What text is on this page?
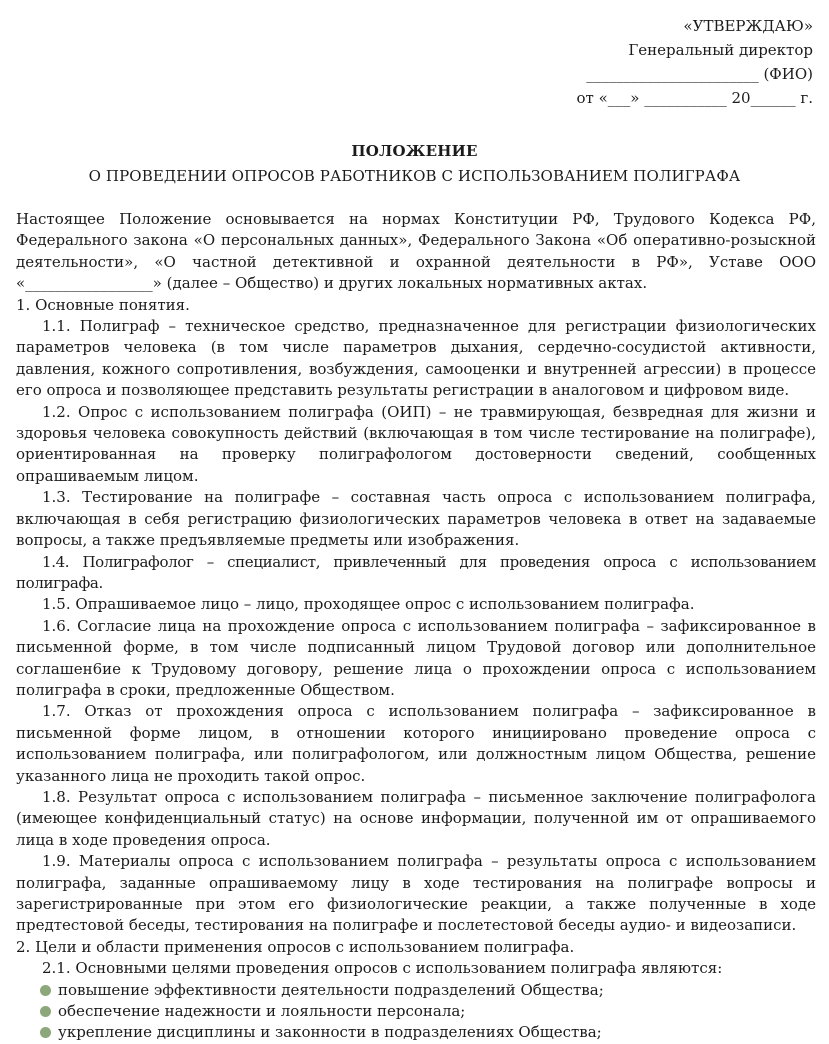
«УТВЕРЖДАЮ»
Генеральный директор
_______________________ (ФИО)
от «___» ___________ 20______ г.
ПОЛОЖЕНИЕ
О ПРОВЕДЕНИИ ОПРОСОВ РАБОТНИКОВ С ИСПОЛЬЗОВАНИЕМ ПОЛИГРАФА

Настоящее Положение основывается на нормах Конституции РФ, Трудового Кодекса РФ, Федерального закона «О персональных данных», Федерального Закона «Об оперативно-розыскной деятельности», «О частной детективной и охранной деятельности в РФ», Уставе ООО «_________________» (далее – Общество) и других локальных нормативных актах.

1. Основные понятия.

1.1. Полиграф – техническое средство, предназначенное для регистрации физиологических параметров человека (в том числе параметров дыхания, сердечно-сосудистой активности, давления, кожного сопротивления, возбуждения, самооценки и внутренней агрессии) в процессе его опроса и позволяющее представить результаты регистрации в аналоговом и цифровом виде.

1.2. Опрос с использованием полиграфа (ОИП) – не травмирующая, безвредная для жизни и здоровья человека совокупность действий (включающая в том числе тестирование на полиграфе), ориентированная на проверку полиграфологом достоверности сведений, сообщенных опрашиваемым лицом.

1.3. Тестирование на полиграфе – составная часть опроса с использованием полиграфа, включающая в себя регистрацию физиологических параметров человека в ответ на задаваемые вопросы, а также предъявляемые предметы или изображения.

1.4. Полиграфолог – специалист, привлеченный для проведения опроса с использованием полиграфа.

1.5. Опрашиваемое лицо – лицо, проходящее опрос с использованием полиграфа.

1.6. Согласие лица на прохождение опроса с использованием полиграфа – зафиксированное в письменной форме, в том числе подписанный лицом Трудовой договор или дополнительное соглашен6ие к Трудовому договору, решение лица о прохождении опроса с использованием полиграфа в сроки, предложенные Обществом.

1.7. Отказ от прохождения опроса с использованием полиграфа – зафиксированное в письменной форме лицом, в отношении которого инициировано проведение опроса с использованием полиграфа, или полиграфологом, или должностным лицом Общества, решение указанного лица не проходить такой опрос.

1.8. Результат опроса с использованием полиграфа – письменное заключение полиграфолога (имеющее конфиденциальный статус) на основе информации, полученной им от опрашиваемого лица в ходе проведения опроса.

1.9. Материалы опроса с использованием полиграфа – результаты опроса с использованием полиграфа, заданные опрашиваемому лицу в ходе тестирования на полиграфе вопросы и зарегистрированные при этом его физиологические реакции, а также полученные в ходе предтестовой беседы, тестирования на полиграфе и послетестовой беседы аудио- и видеозаписи.

2. Цели и области применения опросов с использованием полиграфа.

2.1. Основными целями проведения опросов с использованием полиграфа являются:

повышение эффективности деятельности подразделений Общества;
обеспечение надежности и лояльности персонала;
укрепление дисциплины и законности в подразделениях Общества;
